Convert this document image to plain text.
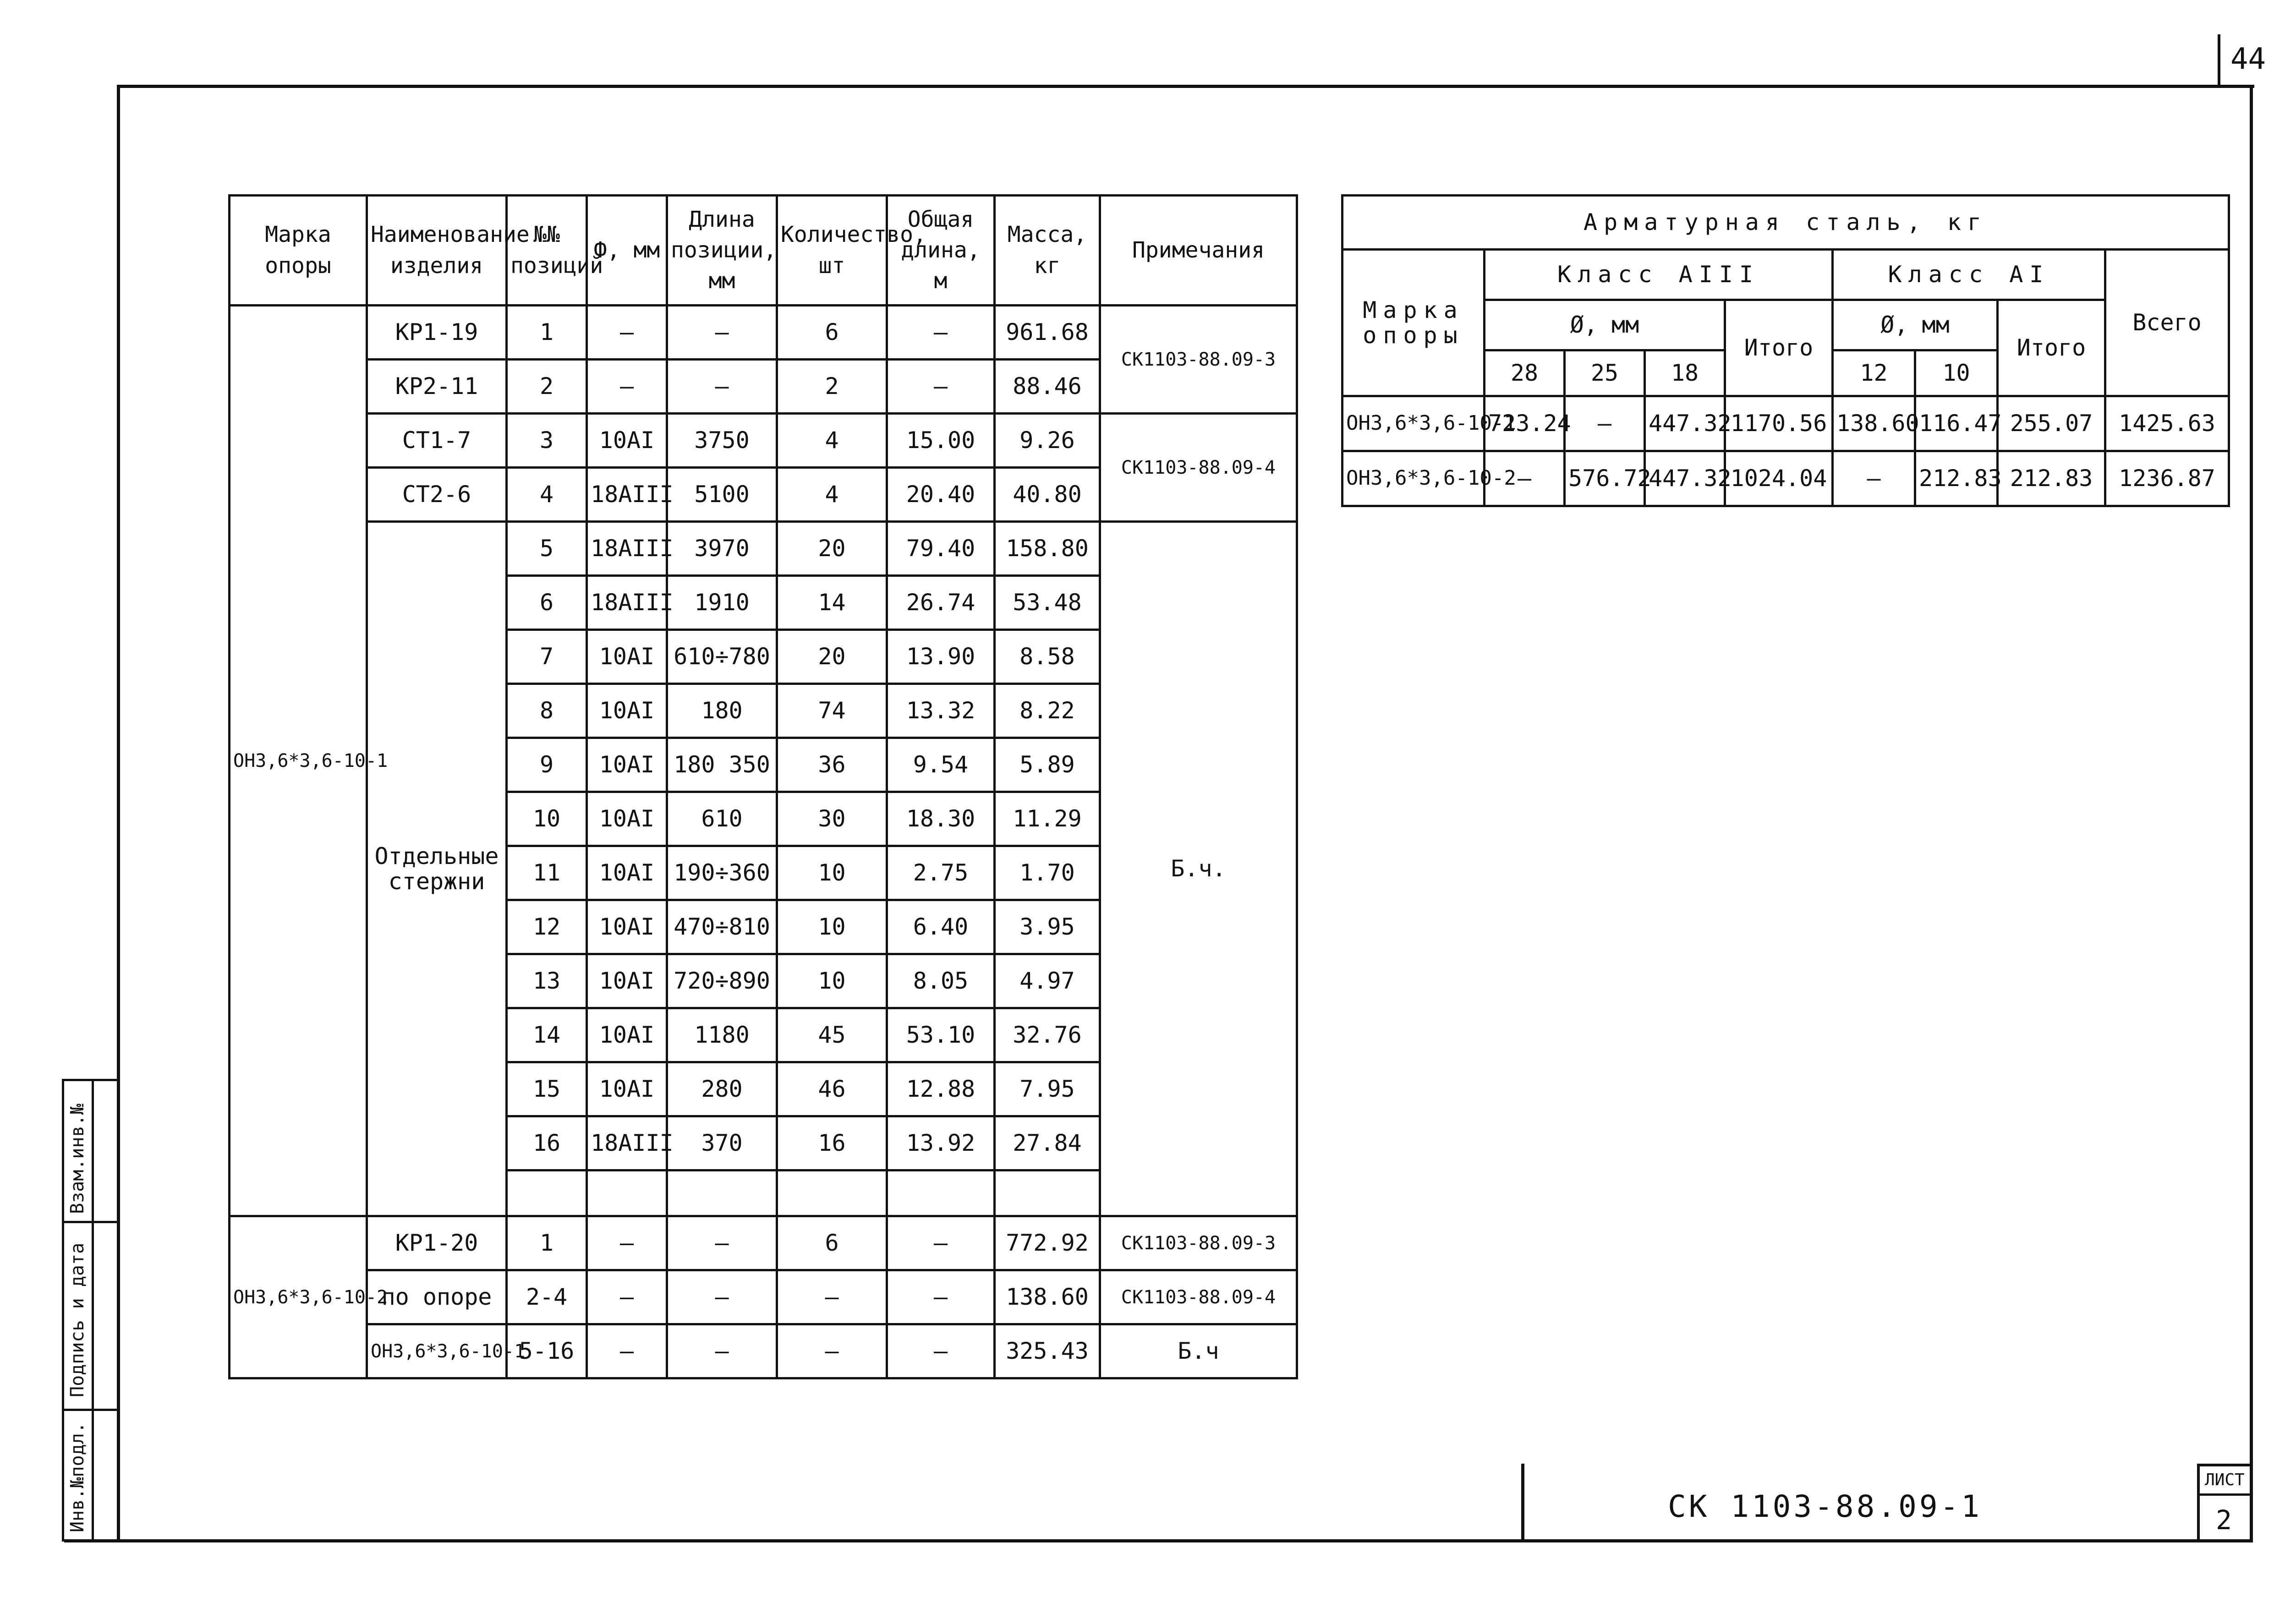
44
СК 1103-88.09-1
ЛИСТ
2
Взам.инв.№
Подпись и дата
Инв.№подл.
Марка опоры	Наименование изделия	№№ позиций	Ф, мм	Длина позиции, мм	Количество, шт	Общая длина, м	Масса, кг	Примечания
ОН3,6*3,6-10-1	КР1-19	1	—	—	6	—	961.68	СК1103-88.09-3
	КР2-11	2	—	—	2	—	88.46	
	СТ1-7	3	10АI	3750	4	15.00	9.26	СК1103-88.09-4
	СТ2-6	4	18АIII	5100	4	20.40	40.80	
	Отдельные стержни	5	18АIII	3970	20	79.40	158.80	Б.ч.
		6	18АIII	1910	14	26.74	53.48	
		7	10АI	610÷780	20	13.90	8.58	
		8	10АI	180	74	13.32	8.22	
		9	10АI	180 350	36	9.54	5.89	
		10	10АI	610	30	18.30	11.29	
		11	10АI	190÷360	10	2.75	1.70	
		12	10АI	470÷810	10	6.40	3.95	
		13	10АI	720÷890	10	8.05	4.97	
		14	10АI	1180	45	53.10	32.76	
		15	10АI	280	46	12.88	7.95	
		16	18АIII	370	16	13.92	27.84	

ОН3,6*3,6-10-2	КР1-20	1	—	—	6	—	772.92	СК1103-88.09-3
	по опоре	2-4	—	—	—	—	138.60	СК1103-88.09-4
	ОН3,6*3,6-10-1	5-16	—	—	—	—	325.43	Б.ч
Арматурная сталь, кг								
Марка опоры	Класс АIII				Класс АI			Всего
	Ø, мм			Итого	Ø, мм		Итого	
	28	25	18		12	10		
ОН3,6*3,6-10-1	723.24	—	447.32	1170.56	138.60	116.47	255.07	1425.63
ОН3,6*3,6-10-2	—	576.72	447.32	1024.04	—	212.83	212.83	1236.87
